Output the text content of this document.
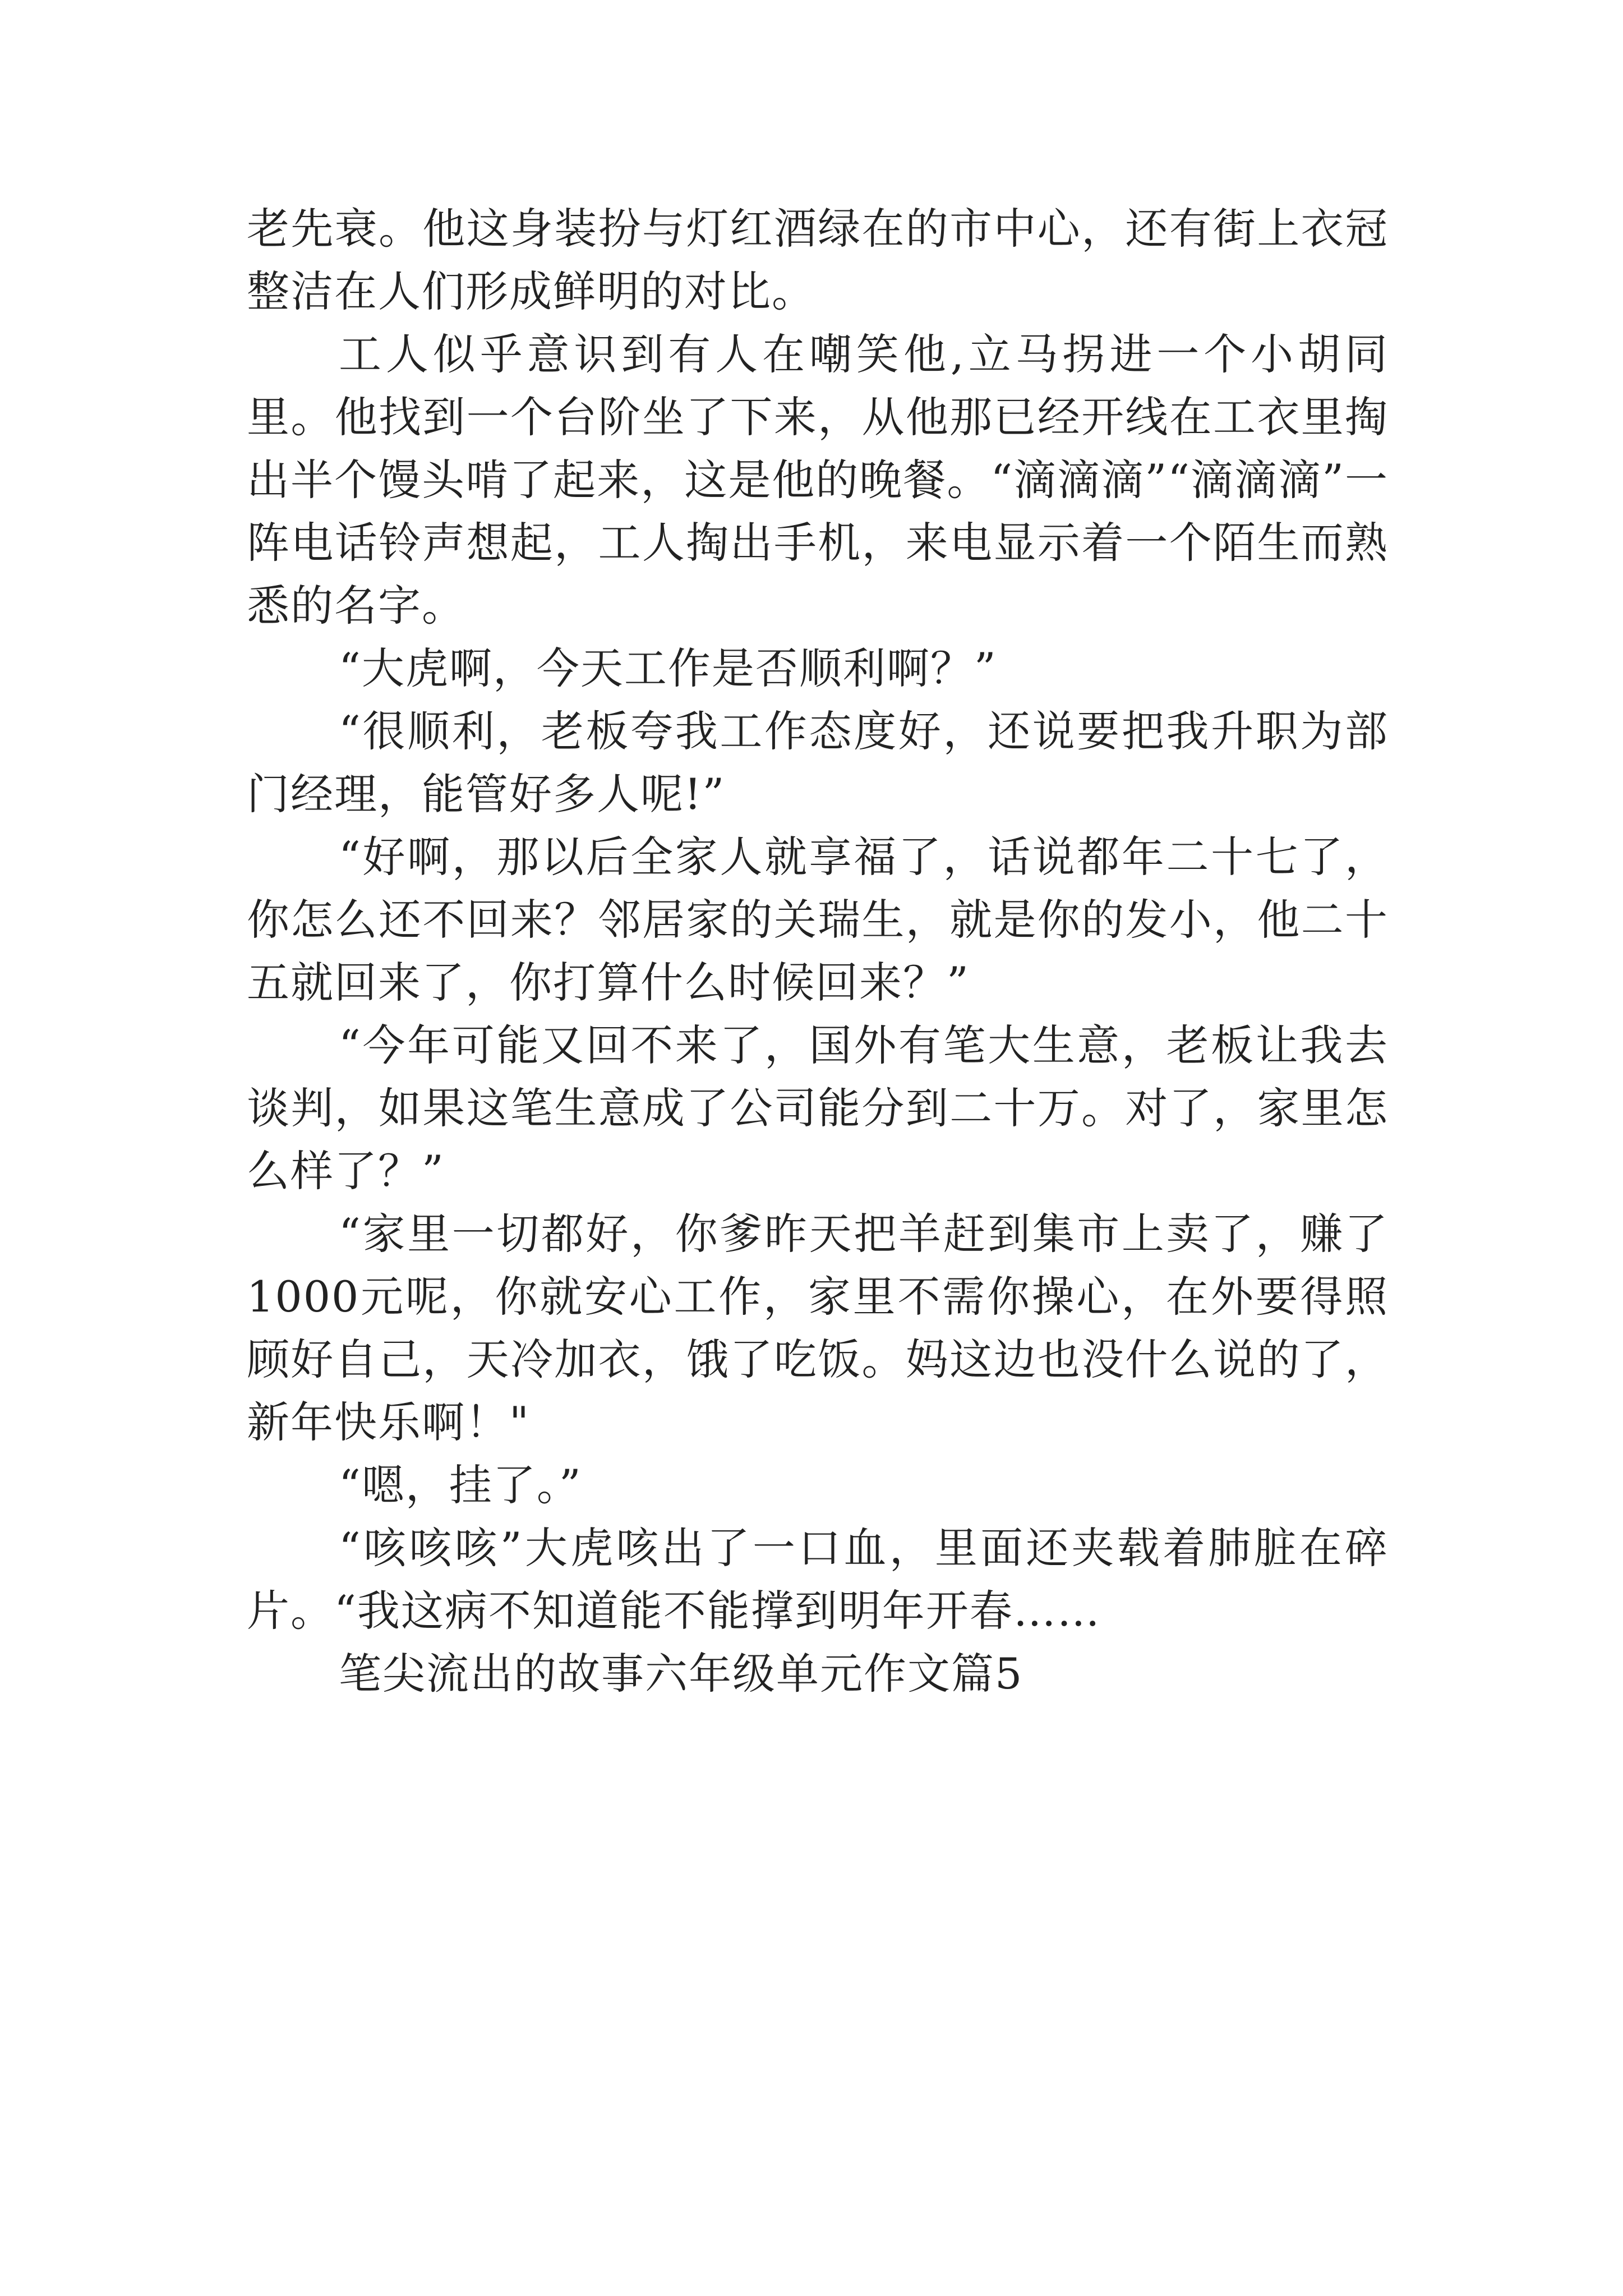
老先衰。他这身装扮与灯红酒绿在的市中心，还有街上衣冠整洁在人们形成鲜明的对比。

工人似乎意识到有人在嘲笑他,立马拐进一个小胡同里。他找到一个台阶坐了下来，从他那已经开线在工衣里掏出半个馒头啃了起来，这是他的晚餐。“滴滴滴”“滴滴滴”一阵电话铃声想起，工人掏出手机，来电显示着一个陌生而熟悉的名字。

“大虎啊，今天工作是否顺利啊？”

“很顺利，老板夸我工作态度好，还说要把我升职为部门经理，能管好多人呢!”

“好啊，那以后全家人就享福了，话说都年二十七了，你怎么还不回来？邻居家的关瑞生，就是你的发小，他二十五就回来了，你打算什么时候回来？”

“今年可能又回不来了，国外有笔大生意，老板让我去谈判，如果这笔生意成了公司能分到二十万。对了，家里怎么样了？”

“家里一切都好，你爹昨天把羊赶到集市上卖了，赚了1000元呢，你就安心工作，家里不需你操心，在外要得照顾好自己，天冷加衣，饿了吃饭。妈这边也没什么说的了，新年快乐啊！"

“嗯，挂了。”

“咳咳咳”大虎咳出了一口血，里面还夹载着肺脏在碎片。“我这病不知道能不能撑到明年开春……

笔尖流出的故事六年级单元作文篇5
